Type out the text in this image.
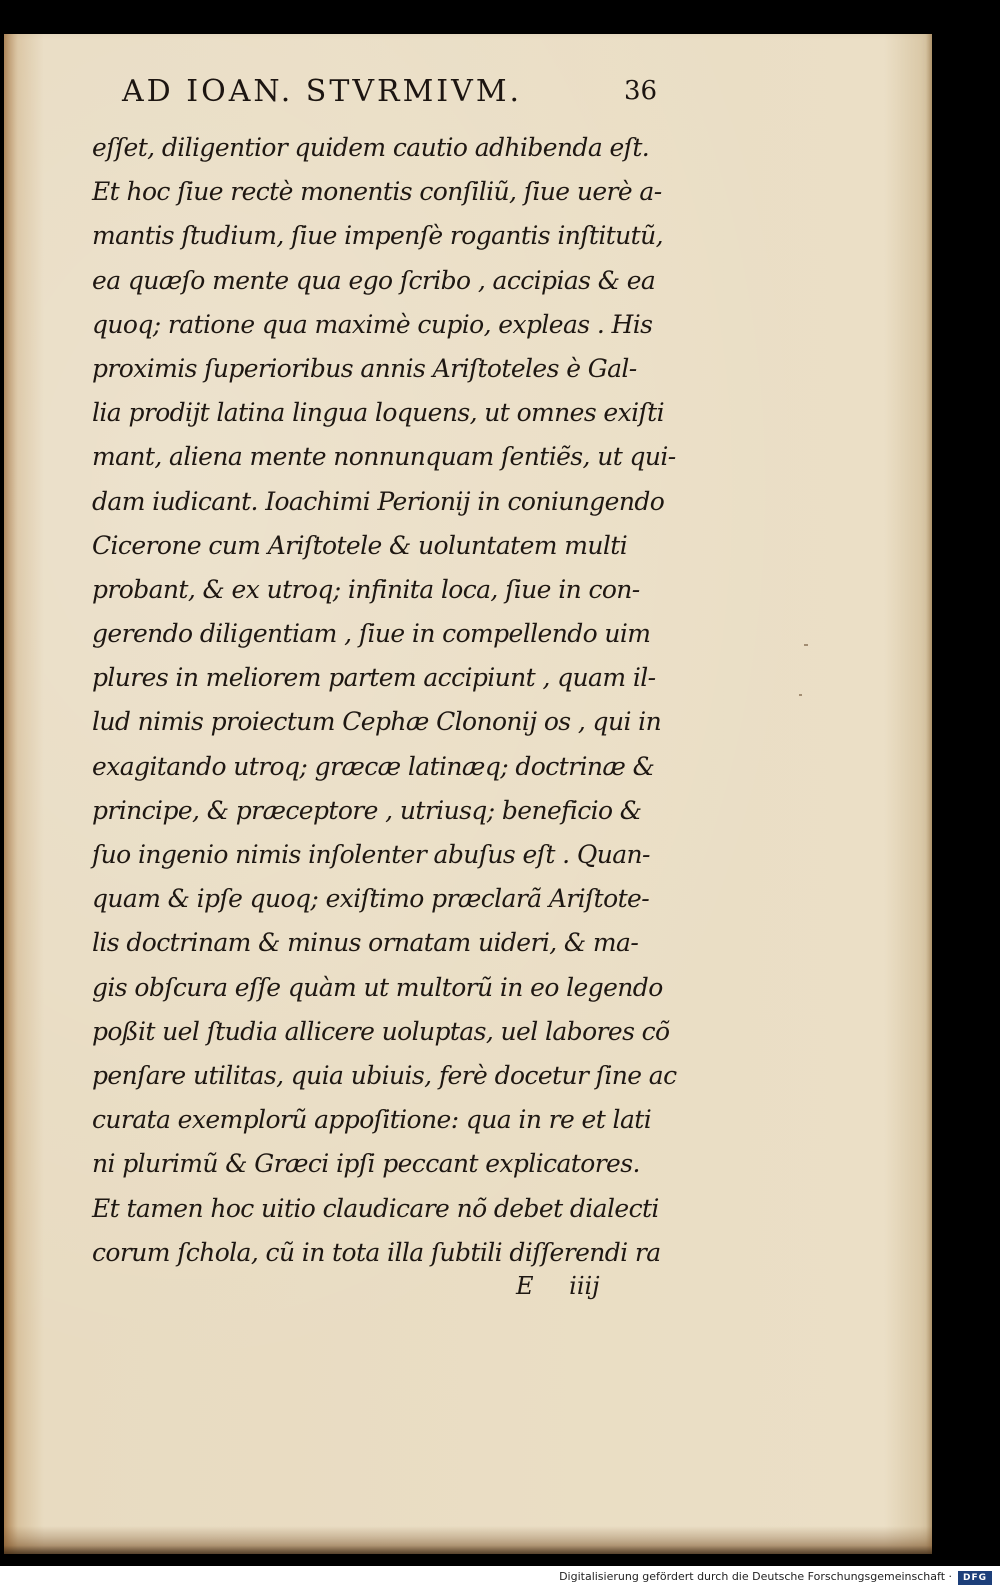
AD IOAN. STVRMIVM.	36
eſſet, diligentior quidem cautio adhibenda eſt.
Et hoc ſiue rectè monentis conſiliũ, ſiue uerè a-
mantis ſtudium, ſiue impenſè rogantis inſtitutũ,
ea quæſo mente qua ego ſcribo , accipias & ea
quoq; ratione qua maximè cupio, expleas . His
proximis ſuperioribus annis Ariſtoteles è Gal-
lia prodijt latina lingua loquens, ut omnes exiſti
mant, aliena mente nonnunquam ſentiẽs, ut qui-
dam iudicant. Ioachimi Perionij in coniungendo
Cicerone cum Ariſtotele & uoluntatem multi
probant, & ex utroq; infinita loca, ſiue in con-
gerendo diligentiam , ſiue in compellendo uim
plures in meliorem partem accipiunt , quam il-
lud nimis proiectum Cephæ Clononij os , qui in
exagitando utroq; græcæ latinæq; doctrinæ &
principe, & præceptore , utriusq; beneficio &
ſuo ingenio nimis inſolenter abuſus eſt . Quan-
quam & ipſe quoq; exiſtimo præclarã Ariſtote-
lis doctrinam & minus ornatam uideri, & ma-
gis obſcura eſſe quàm ut multorũ in eo legendo
poßit uel ſtudia allicere uoluptas, uel labores cõ
penſare utilitas, quia ubiuis, ferè docetur ſine ac
curata exemplorũ appoſitione: qua in re et lati
ni plurimũ & Græci ipſi peccant explicatores.
Et tamen hoc uitio claudicare nõ debet dialecti
corum ſchola, cũ in tota illa ſubtili diſſerendi ra
E iiij
Digitalisierung gefördert durch die Deutsche Forschungsgemeinschaft ·	DFG
